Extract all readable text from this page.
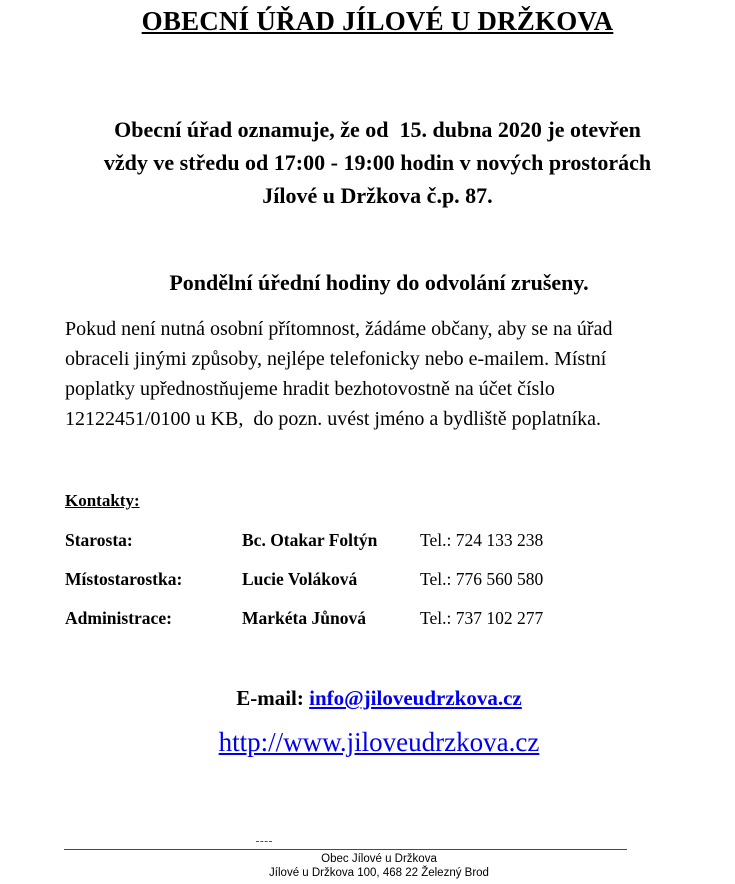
OBECNÍ ÚŘAD JÍLOVÉ U DRŽKOVA
Obecní úřad oznamuje, že od  15. dubna 2020 je otevřen
vždy ve středu od 17:00 - 19:00 hodin v nových prostorách
Jílové u Držkova č.p. 87.
Pondělní úřední hodiny do odvolání zrušeny.
Pokud není nutná osobní přítomnost, žádáme občany, aby se na úřad
obraceli jinými způsoby, nejlépe telefonicky nebo e-mailem. Místní
poplatky upřednostňujeme hradit bezhotovostně na účet číslo
12122451/0100 u KB,  do pozn. uvést jméno a bydliště poplatníka.
Kontakty:
Starosta:	Bc. Otakar Foltýn Tel.: 724 133 238
Místostarostka:	Lucie Voláková	Tel.: 776 560 580
Administrace:	Markéta Jůnová	Tel.: 737 102 277
E-mail: info@jiloveudrzkova.cz
http://www.jiloveudrzkova.cz
Obec Jílové u Držkova
Jílové u Držkova 100, 468 22 Železný Brod
